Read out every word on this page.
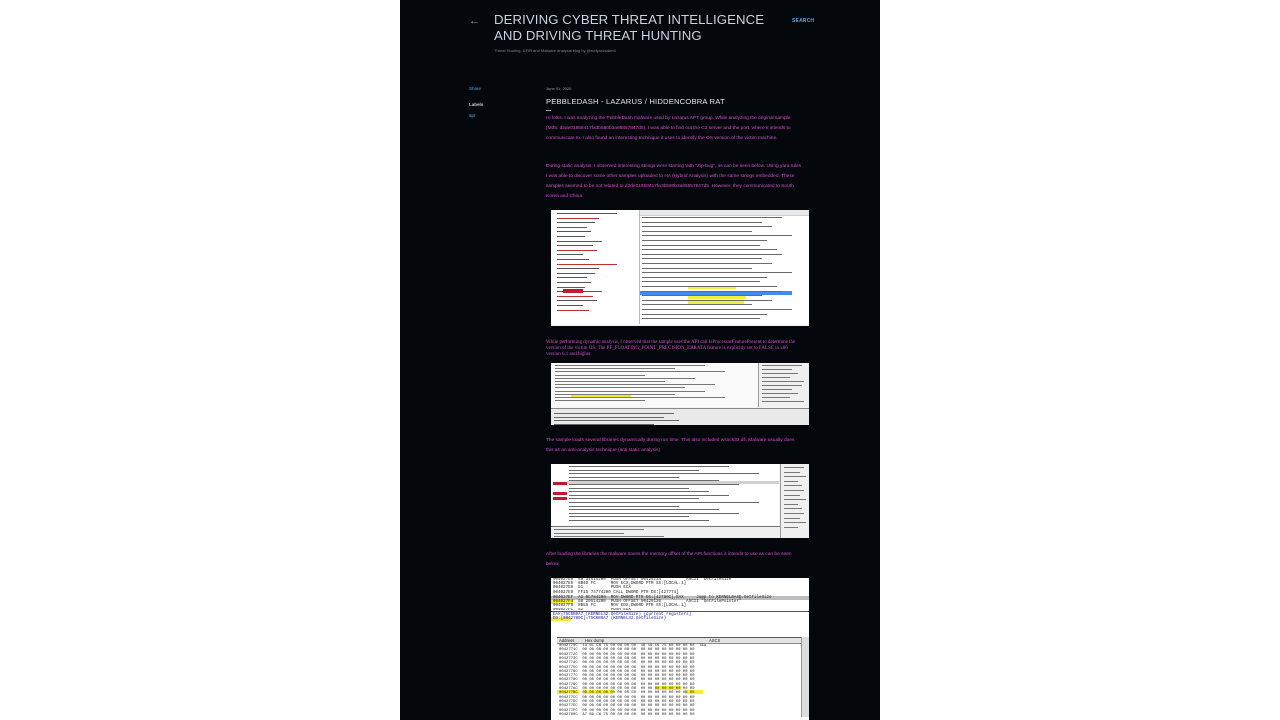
← DERIVING CYBER THREAT INTELLIGENCE AND DRIVING THREAT HUNTING
SEARCH
Threat Hunting, DFIR and Malware analysis blog by @rudyarosalledi
Share
Labels
apt
June 01, 2020
PEBBLEDASH - LAZARUS / HIDDENCOBRA RAT

Hi folks. I was analyzing the PebbleDash malware used by Lazarus APT group. While analyzing the original sample (Md5: d2de01858417fa3b580b3a95857847d5), I was able to find out the C2 server and the port, where it intends to communicate to. I also found an interesting technique it uses to identify the OS version of the victim machine.

During static analysis, I observed interesting strings were starting with "Zip-bug", as can be seen below. Using yara rules I was able to discover some other samples uploaded to HA (Hybrid Analysis) with the same strings embedded. These samples seemed to be not related to d2de01858417fa3b580b3a95857847d5. However, they communicated to South Korea and China.

While performing dynamic analysis, I observed that the sample uses the API call IsProcessorFeaturePresent to determine the version of the victim OS. The PF_FLOATING_POINT_PRECISION_ERRATA feature is explicitly set to FALSE in x86 version 6.1 and higher.

The sample loads several libraries dynamically during run time. This also included wsock32.dll. Malware usually does this as an anti-analysis technique (anti static analysis)

After loading the libraries the malware saves the memory offset of the API functions it intends to use as can be seen below.

004027E0  68 34514200  PUSH OFFSET 00425134          ASCII "GetFileSize"
004027E5  8B4D FC      MOV ECX,DWORD PTR SS:[LOCAL.1]
004027E8  51           PUSH ECX
004027E9  FF15 74774200 CALL DWORD PTR DS:[427774]
004027EF  A3 0C784200  MOV DWORD PTR DS:[42780C],EAX     Jump to KERNELBASE.GetFileSize
004027F4  68 20514200  PUSH OFFSET 00425120          ASCII "GetFilePointer"
004027F9  8B55 FC      MOV EDX,DWORD PTR SS:[LOCAL.1]
004027FC  52           PUSH EDX
EAX=75C6B9A7 (KERNEL32.GetFileSize) [current registers]
DS:[0042780C]=75C6B9A7 (KERNEL32.GetFileSize)
Address	Hex dump	ASCII
0042770C  13 6C C6 75 00 00 00 00  16 16 C6 75 00 00 00 00  l&u
0042771C  00 00 00 00 00 00 00 00  00 00 00 00 00 00 00 00
0042772C  00 00 00 00 00 00 00 00  00 00 00 00 00 00 00 00
0042773C  00 00 00 00 00 00 00 00  00 00 00 00 00 00 00 00
0042774C  00 00 00 00 00 00 00 00  00 00 00 00 00 00 00 00
0042775C  00 00 00 00 00 00 00 00  00 00 00 00 00 00 00 00
0042776C  00 00 00 00 00 00 00 00  00 00 00 00 00 00 00 00
0042777C  00 00 00 00 00 00 00 00  00 00 00 00 00 00 00 00
0042778C  00 00 00 00 00 00 00 00  00 00 00 00 00 00 00 00
0042779C  00 00 00 00 00 00 00 00  00 00 00 00 00 00 00 00
004277AC  00 00 00 00 00 00 00 00  00 00 00 00 00 00 00 00
004277BC  00 00 00 00 00 00 00 00  00 00 00 00 00 00 00 00
004277CC  00 00 00 00 00 00 00 00  00 00 00 00 00 00 00 00
004277DC  00 00 00 00 00 00 00 00  00 00 00 00 00 00 00 00
004277EC  00 00 00 00 00 00 00 00  00 00 00 00 00 00 00 00
004277FC  00 00 00 00 00 00 00 00  00 00 00 00 00 00 00 00
0042780C  A7 B9 C6 75 00 00 00 00  00 00 00 00 00 00 00 00
